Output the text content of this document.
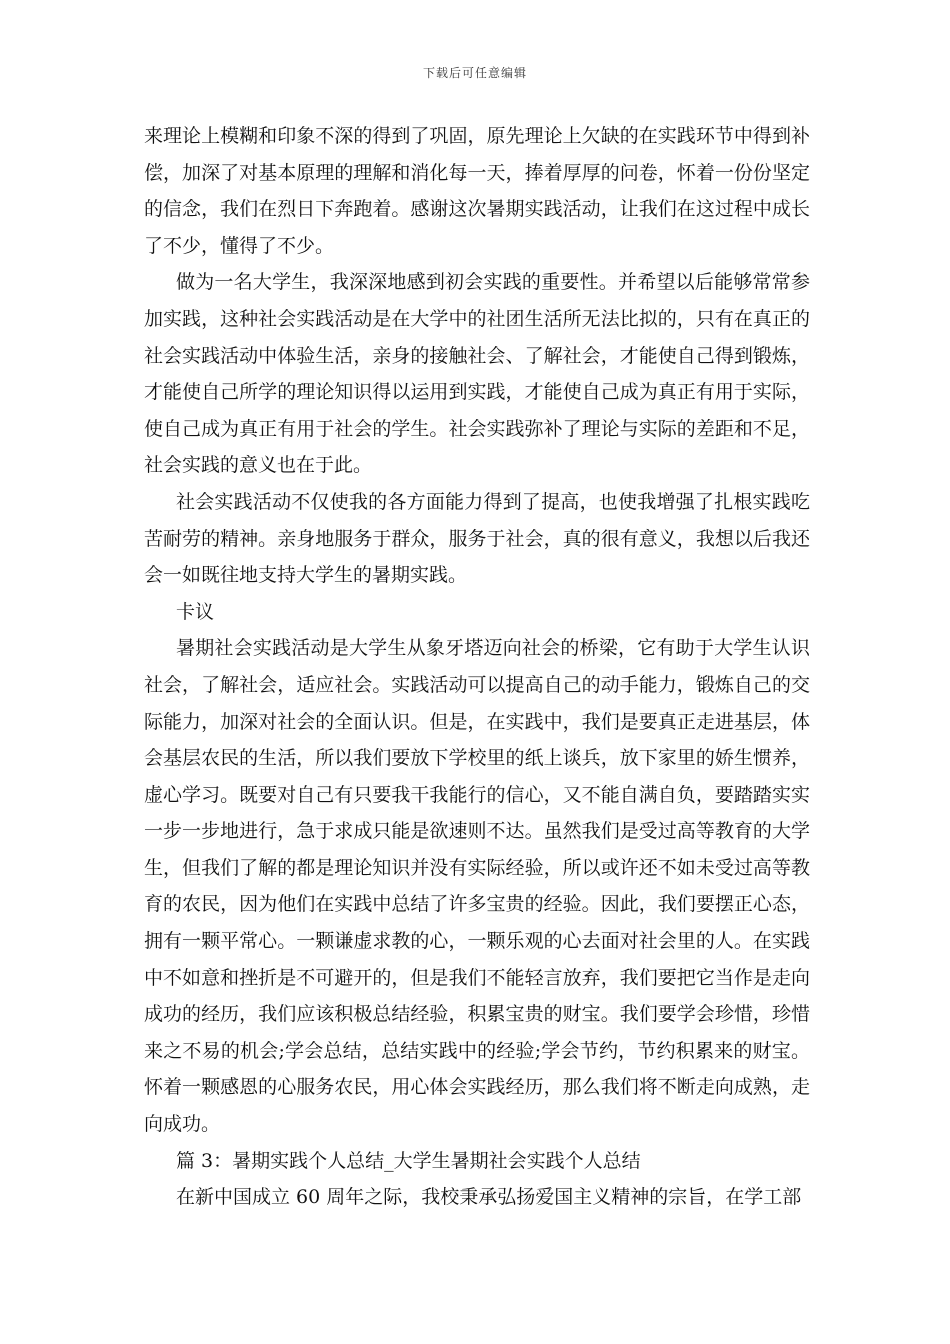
下载后可任意编辑

来理论上模糊和印象不深的得到了巩固，原先理论上欠缺的在实践环节中得到补偿，加深了对基本原理的理解和消化每一天，捧着厚厚的问卷，怀着一份份坚定的信念，我们在烈日下奔跑着。感谢这次暑期实践活动，让我们在这过程中成长了不少，懂得了不少。

做为一名大学生，我深深地感到初会实践的重要性。并希望以后能够常常参加实践，这种社会实践活动是在大学中的社团生活所无法比拟的，只有在真正的社会实践活动中体验生活，亲身的接触社会、了解社会，才能使自己得到锻炼，才能使自己所学的理论知识得以运用到实践，才能使自己成为真正有用于实际，使自己成为真正有用于社会的学生。社会实践弥补了理论与实际的差距和不足，社会实践的意义也在于此。

社会实践活动不仅使我的各方面能力得到了提高，也使我增强了扎根实践吃苦耐劳的精神。亲身地服务于群众，服务于社会，真的很有意义，我想以后我还会一如既往地支持大学生的暑期实践。

卡议

暑期社会实践活动是大学生从象牙塔迈向社会的桥梁，它有助于大学生认识社会，了解社会，适应社会。实践活动可以提高自己的动手能力，锻炼自己的交际能力，加深对社会的全面认识。但是，在实践中，我们是要真正走进基层，体会基层农民的生活，所以我们要放下学校里的纸上谈兵，放下家里的娇生惯养，虚心学习。既要对自己有只要我干我能行的信心，又不能自满自负，要踏踏实实一步一步地进行，急于求成只能是欲速则不达。虽然我们是受过高等教育的大学生，但我们了解的都是理论知识并没有实际经验，所以或许还不如未受过高等教育的农民，因为他们在实践中总结了许多宝贵的经验。因此，我们要摆正心态，拥有一颗平常心。一颗谦虚求教的心，一颗乐观的心去面对社会里的人。在实践中不如意和挫折是不可避开的，但是我们不能轻言放弃，我们要把它当作是走向成功的经历，我们应该积极总结经验，积累宝贵的财宝。我们要学会珍惜，珍惜来之不易的机会;学会总结，总结实践中的经验;学会节约，节约积累来的财宝。怀着一颗感恩的心服务农民，用心体会实践经历，那么我们将不断走向成熟，走向成功。

篇 3：暑期实践个人总结_大学生暑期社会实践个人总结

在新中国成立 60 周年之际，我校秉承弘扬爱国主义精神的宗旨，在学工部
